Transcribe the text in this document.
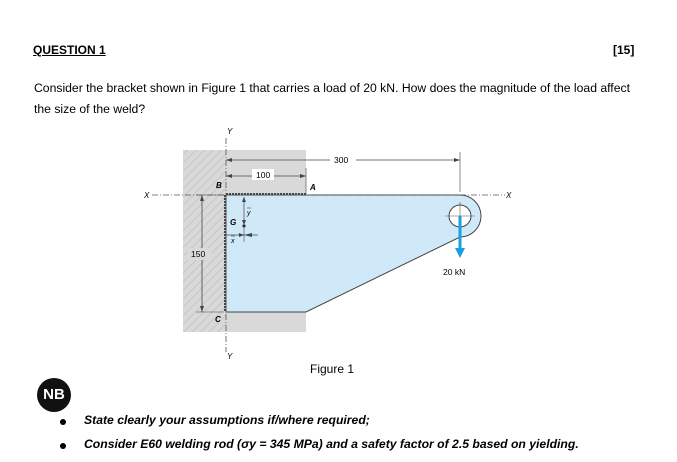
QUESTION 1	[15]
Consider the bracket shown in Figure 1 that carries a load of 20 kN. How does the magnitude of the load affect the size of the weld?
Y
Y
X	X
B	A
C
100
300
150
G
y
x
20 kN
Figure 1
NB
State clearly your assumptions if/where required;
Consider E60 welding rod (σy = 345 MPa) and a safety factor of 2.5 based on yielding.
